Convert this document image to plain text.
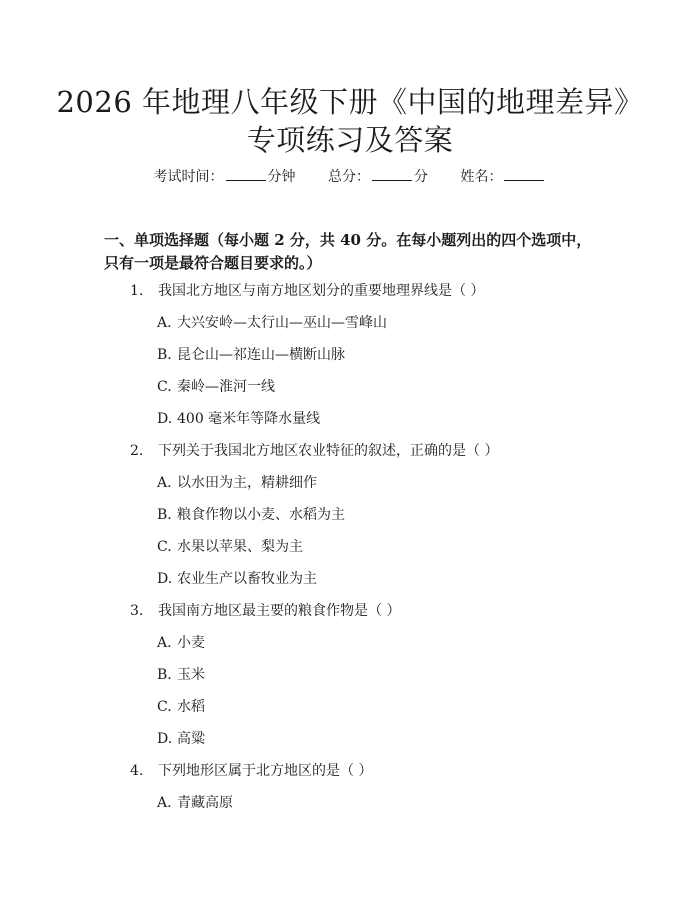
2026 年地理八年级下册《中国的地理差异》
专项练习及答案
考试时间：	分钟 总分：	分 姓名：

一、单项选择题（每小题 2 分，共 40 分。在每小题列出的四个选项中，只有一项是最符合题目要求的。）

1. 我国北方地区与南方地区划分的重要地理界线是（ ）
A. 大兴安岭—太行山—巫山—雪峰山
B. 昆仑山—祁连山—横断山脉
C. 秦岭—淮河一线
D. 400 毫米年等降水量线
2. 下列关于我国北方地区农业特征的叙述，正确的是（ ）
A. 以水田为主，精耕细作
B. 粮食作物以小麦、水稻为主
C. 水果以苹果、梨为主
D. 农业生产以畜牧业为主
3. 我国南方地区最主要的粮食作物是（ ）
A. 小麦
B. 玉米
C. 水稻
D. 高粱
4. 下列地形区属于北方地区的是（ ）
A. 青藏高原
